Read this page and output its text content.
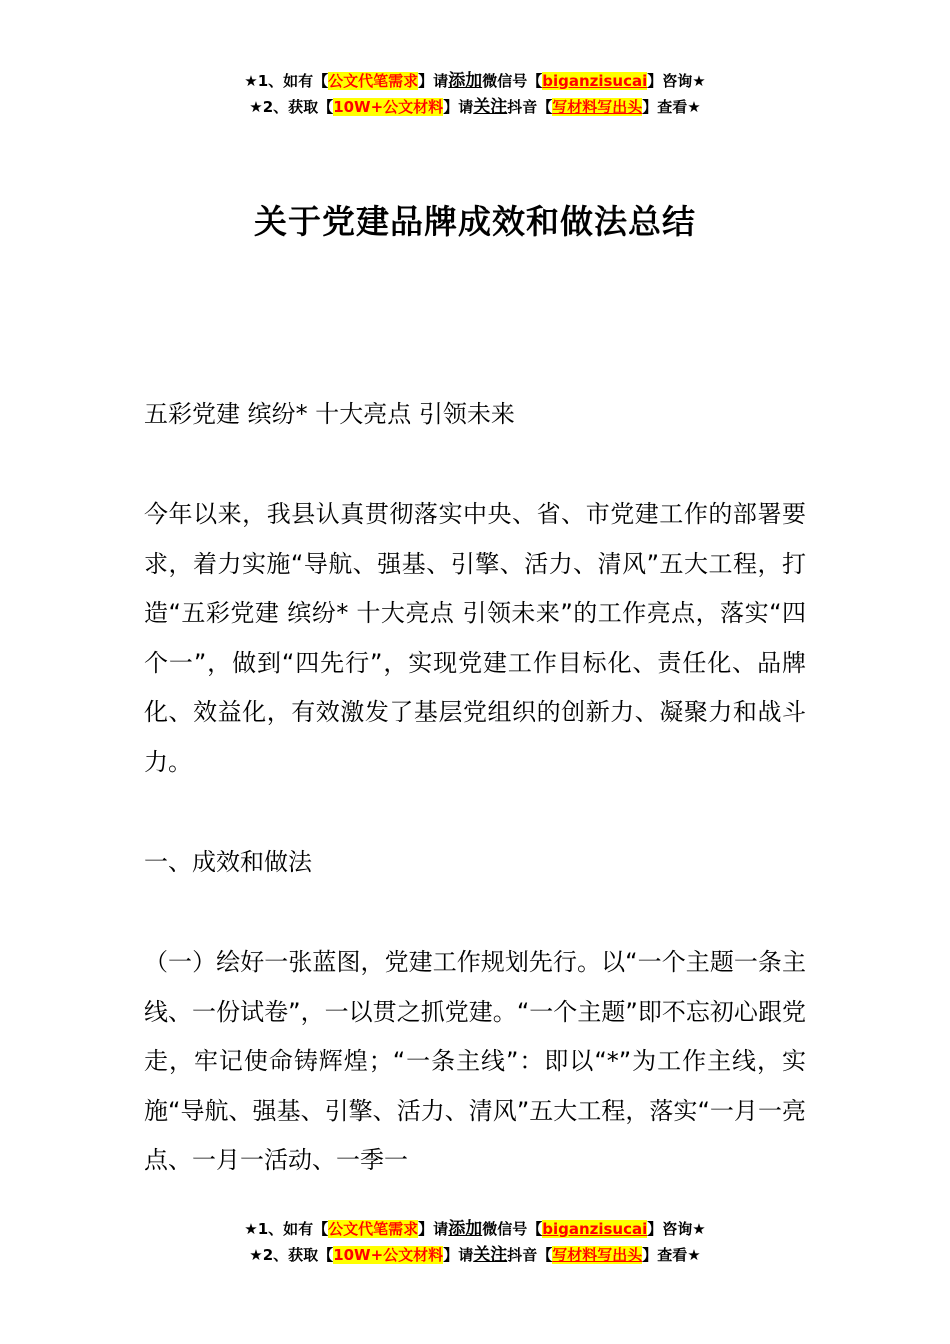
★1、如有【公文代笔需求】请添加微信号【biganzisucai】咨询★
★2、获取【10W+公文材料】请关注抖音【写材料写出头】查看★
关于党建品牌成效和做法总结
五彩党建 缤纷* 十大亮点 引领未来
今年以来，我县认真贯彻落实中央、省、市党建工作的部署要求，着力实施“导航、强基、引擎、活力、清风”五大工程，打造“五彩党建 缤纷* 十大亮点 引领未来”的工作亮点，落实“四个一”，做到“四先行”，实现党建工作目标化、责任化、品牌化、效益化，有效激发了基层党组织的创新力、凝聚力和战斗力。
一、成效和做法
（一）绘好一张蓝图，党建工作规划先行。以“一个主题一条主线、一份试卷”，一以贯之抓党建。“一个主题”即不忘初心跟党走，牢记使命铸辉煌；“一条主线”：即以“*”为工作主线，实施“导航、强基、引擎、活力、清风”五大工程，落实“一月一亮点、一月一活动、一季一
★1、如有【公文代笔需求】请添加微信号【biganzisucai】咨询★
★2、获取【10W+公文材料】请关注抖音【写材料写出头】查看★
